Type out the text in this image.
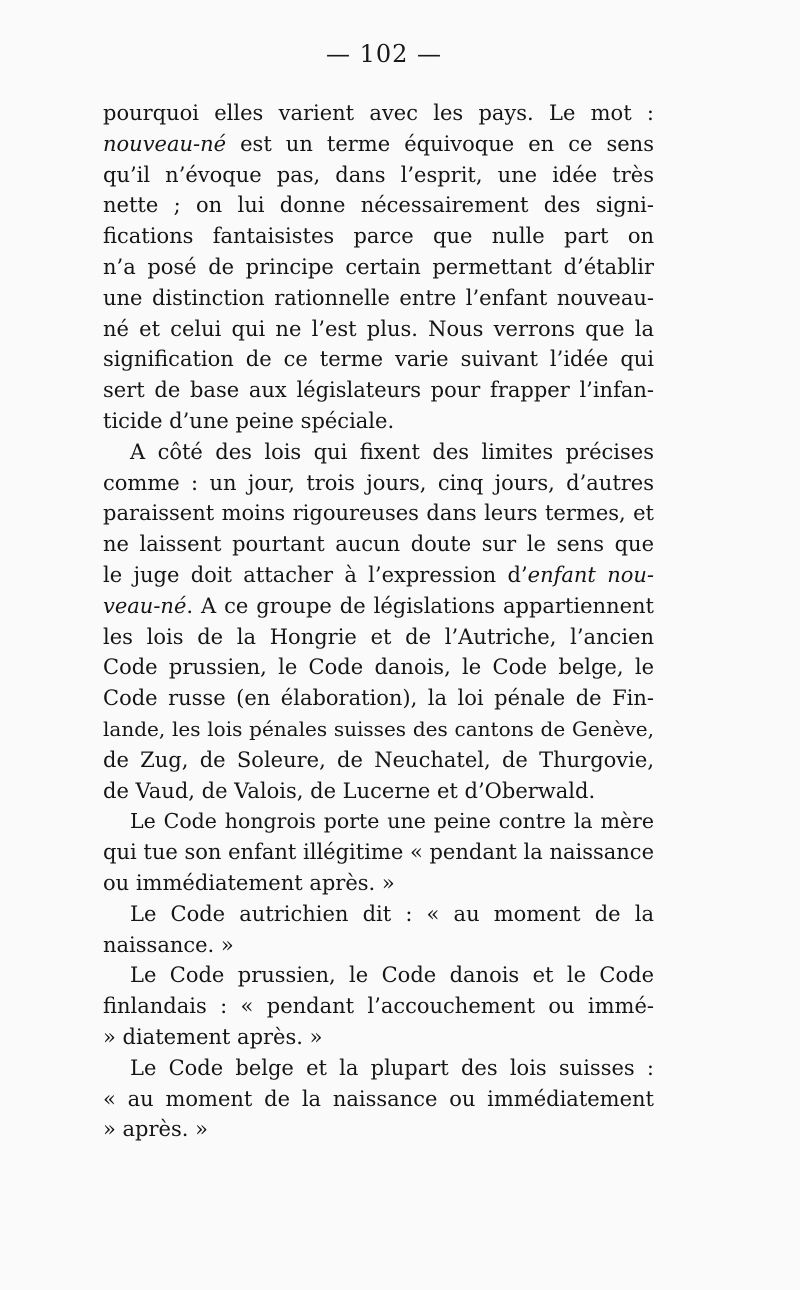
— 102 —
pourquoi elles varient avec les pays. Le mot :
nouveau-né est un terme équivoque en ce sens
qu’il n’évoque pas, dans l’esprit, une idée très
nette ; on lui donne nécessairement des signi-
fications fantaisistes parce que nulle part on
n’a posé de principe certain permettant d’établir
une distinction rationnelle entre l’enfant nouveau-
né et celui qui ne l’est plus. Nous verrons que la
signification de ce terme varie suivant l’idée qui
sert de base aux législateurs pour frapper l’infan-
ticide d’une peine spéciale.
A côté des lois qui fixent des limites précises
comme : un jour, trois jours, cinq jours, d’autres
paraissent moins rigoureuses dans leurs termes, et
ne laissent pourtant aucun doute sur le sens que
le juge doit attacher à l’expression d’enfant nou-
veau-né. A ce groupe de législations appartiennent
les lois de la Hongrie et de l’Autriche, l’ancien
Code prussien, le Code danois, le Code belge, le
Code russe (en élaboration), la loi pénale de Fin-
lande, les lois pénales suisses des cantons de Genève,
de Zug, de Soleure, de Neuchatel, de Thurgovie,
de Vaud, de Valois, de Lucerne et d’Oberwald.
Le Code hongrois porte une peine contre la mère
qui tue son enfant illégitime « pendant la naissance
ou immédiatement après. »
Le Code autrichien dit : « au moment de la
naissance. »
Le Code prussien, le Code danois et le Code
finlandais : « pendant l’accouchement ou immé-
» diatement après. »
Le Code belge et la plupart des lois suisses :
« au moment de la naissance ou immédiatement
» après. »
